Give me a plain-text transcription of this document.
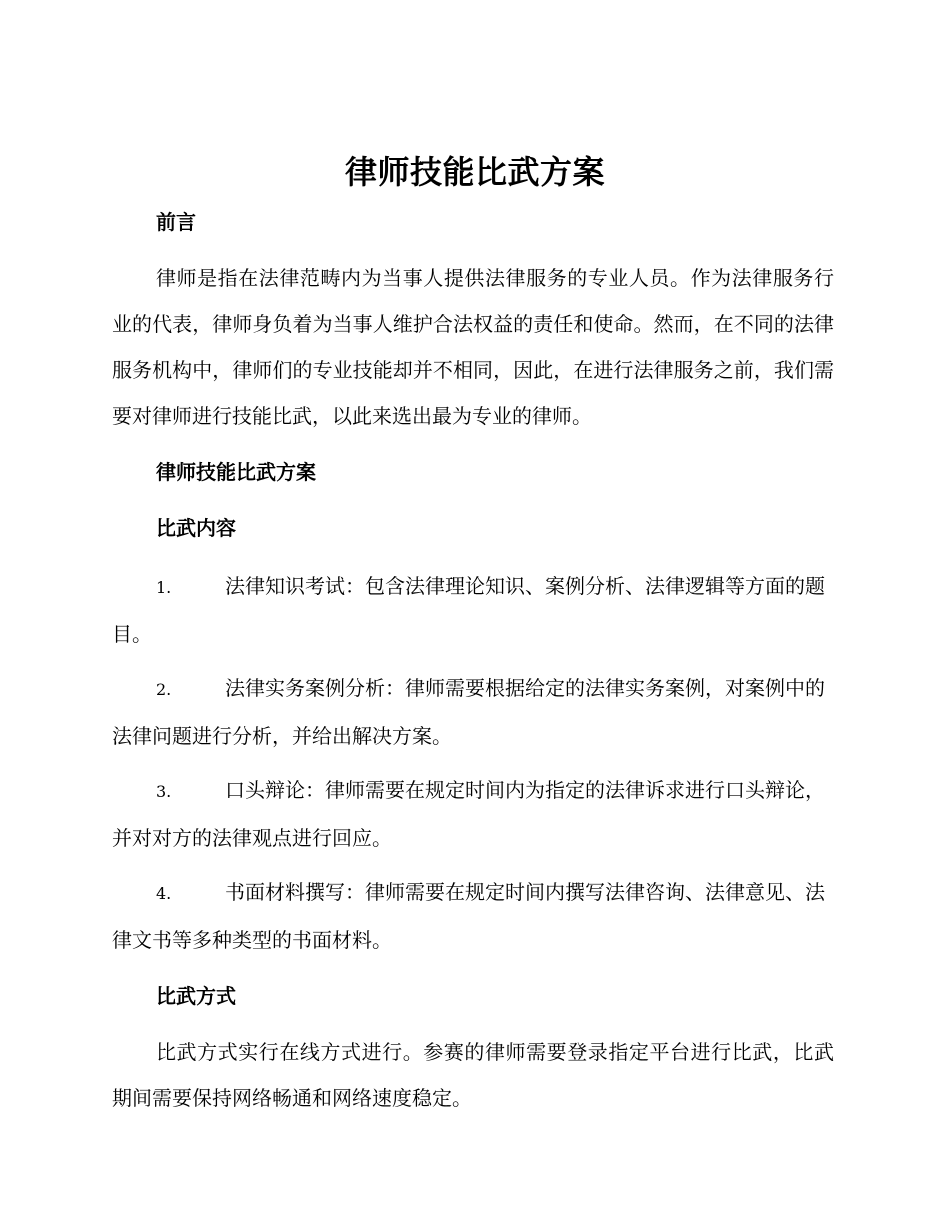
律师技能比武方案
前言
律师是指在法律范畴内为当事人提供法律服务的专业人员。作为法律服务行业的代表，律师身负着为当事人维护合法权益的责任和使命。然而，在不同的法律服务机构中，律师们的专业技能却并不相同，因此，在进行法律服务之前，我们需要对律师进行技能比武，以此来选出最为专业的律师。
律师技能比武方案
比武内容
1.	法律知识考试：包含法律理论知识、案例分析、法律逻辑等方面的题目。
2.	法律实务案例分析：律师需要根据给定的法律实务案例，对案例中的法律问题进行分析，并给出解决方案。
3.	口头辩论：律师需要在规定时间内为指定的法律诉求进行口头辩论，并对对方的法律观点进行回应。
4.	书面材料撰写：律师需要在规定时间内撰写法律咨询、法律意见、法律文书等多种类型的书面材料。
比武方式
比武方式实行在线方式进行。参赛的律师需要登录指定平台进行比武，比武期间需要保持网络畅通和网络速度稳定。
